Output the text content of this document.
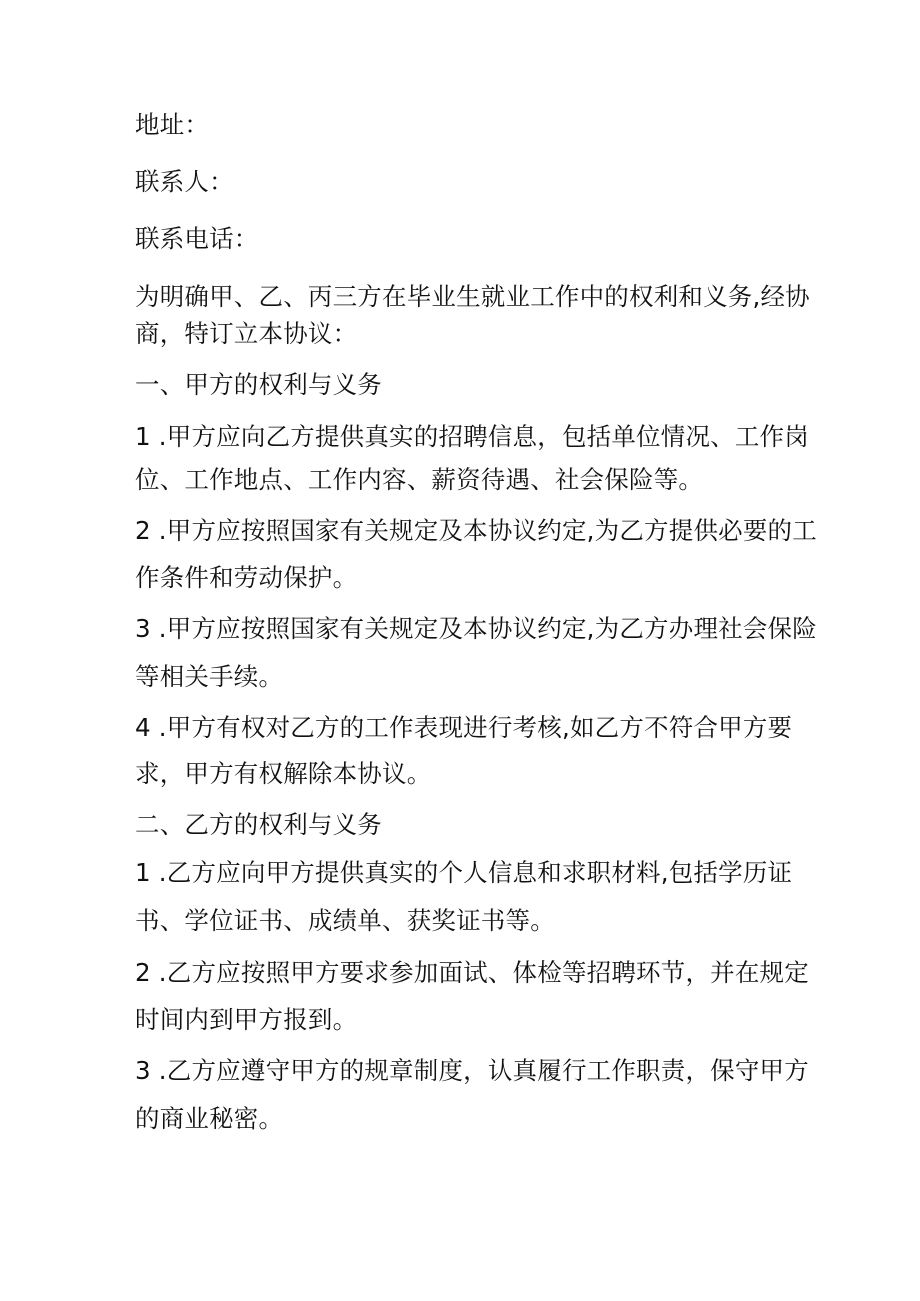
地址：
联系人：
联系电话：
为明确甲、乙、丙三方在毕业生就业工作中的权利和义务,经协
商，特订立本协议：
一、甲方的权利与义务
1 .甲方应向乙方提供真实的招聘信息，包括单位情况、工作岗
位、工作地点、工作内容、薪资待遇、社会保险等。
2 .甲方应按照国家有关规定及本协议约定,为乙方提供必要的工
作条件和劳动保护。
3 .甲方应按照国家有关规定及本协议约定,为乙方办理社会保险
等相关手续。
4 .甲方有权对乙方的工作表现进行考核,如乙方不符合甲方要
求，甲方有权解除本协议。
二、乙方的权利与义务
1 .乙方应向甲方提供真实的个人信息和求职材料,包括学历证
书、学位证书、成绩单、获奖证书等。
2 .乙方应按照甲方要求参加面试、体检等招聘环节，并在规定
时间内到甲方报到。
3 .乙方应遵守甲方的规章制度，认真履行工作职责，保守甲方
的商业秘密。
